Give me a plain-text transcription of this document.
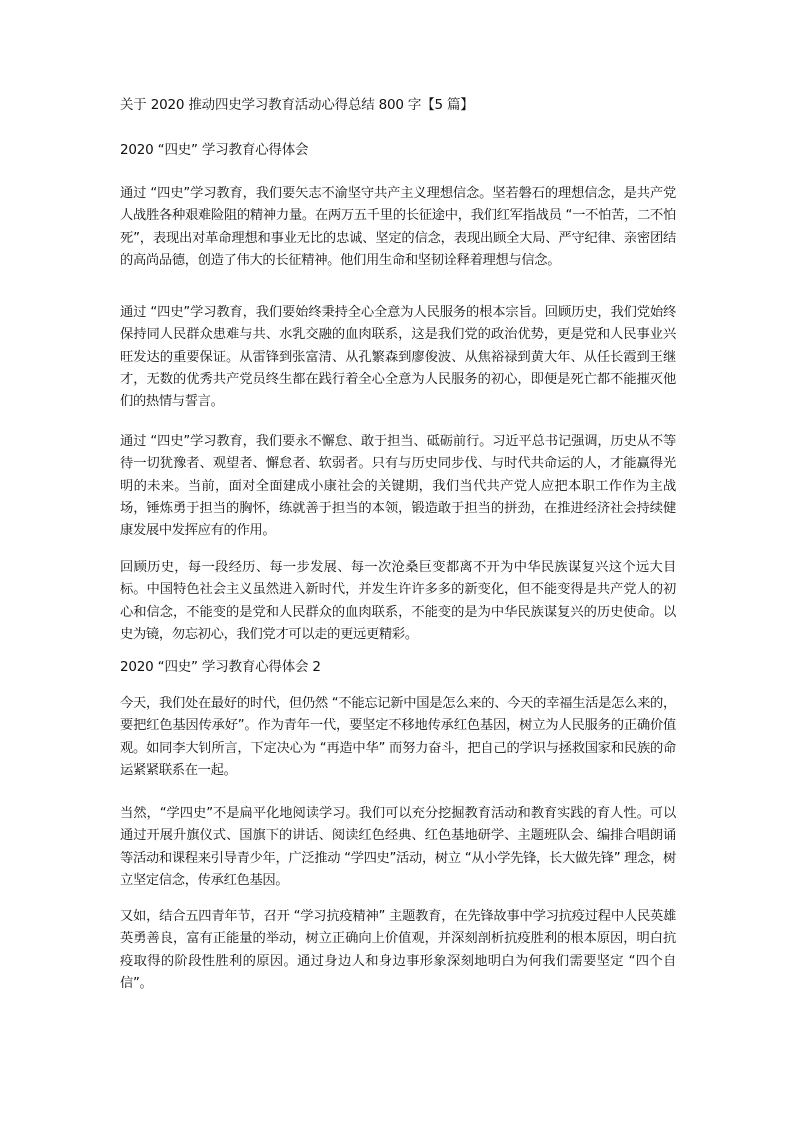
关于 2020 推动四史学习教育活动心得总结 800 字【5 篇】
2020 “四史” 学习教育心得体会
通过 “四史”学习教育，我们要矢志不渝坚守共产主义理想信念。坚若磐石的理想信念，是共产党人战胜各种艰难险阻的精神力量。在两万五千里的长征途中，我们红军指战员 “一不怕苦，二不怕死”，表现出对革命理想和事业无比的忠诚、坚定的信念，表现出顾全大局、严守纪律、亲密团结的高尚品德，创造了伟大的长征精神。他们用生命和坚韧诠释着理想与信念。
通过 “四史”学习教育，我们要始终秉持全心全意为人民服务的根本宗旨。回顾历史，我们党始终保持同人民群众患难与共、水乳交融的血肉联系，这是我们党的政治优势，更是党和人民事业兴旺发达的重要保证。从雷锋到张富清、从孔繁森到廖俊波、从焦裕禄到黄大年、从任长霞到王继才，无数的优秀共产党员终生都在践行着全心全意为人民服务的初心，即便是死亡都不能摧灭他们的热情与誓言。
通过 “四史”学习教育，我们要永不懈怠、敢于担当、砥砺前行。习近平总书记强调，历史从不等待一切犹豫者、观望者、懈怠者、软弱者。只有与历史同步伐、与时代共命运的人，才能赢得光明的未来。当前，面对全面建成小康社会的关键期，我们当代共产党人应把本职工作作为主战场，锤炼勇于担当的胸怀，练就善于担当的本领，锻造敢于担当的拼劲，在推进经济社会持续健康发展中发挥应有的作用。
回顾历史，每一段经历、每一步发展、每一次沧桑巨变都离不开为中华民族谋复兴这个远大目标。中国特色社会主义虽然进入新时代，并发生许许多多的新变化，但不能变得是共产党人的初心和信念，不能变的是党和人民群众的血肉联系，不能变的是为中华民族谋复兴的历史使命。以史为镜，勿忘初心，我们党才可以走的更远更精彩。
2020 “四史” 学习教育心得体会 2
今天，我们处在最好的时代，但仍然 “不能忘记新中国是怎么来的、今天的幸福生活是怎么来的，要把红色基因传承好”。作为青年一代，要坚定不移地传承红色基因，树立为人民服务的正确价值观。如同李大钊所言，下定决心为 “再造中华” 而努力奋斗，把自己的学识与拯救国家和民族的命运紧紧联系在一起。
当然，“学四史”不是扁平化地阅读学习。我们可以充分挖掘教育活动和教育实践的育人性。可以通过开展升旗仪式、国旗下的讲话、阅读红色经典、红色基地研学、主题班队会、编排合唱朗诵等活动和课程来引导青少年，广泛推动 “学四史”活动，树立 “从小学先锋，长大做先锋” 理念，树立坚定信念，传承红色基因。
又如，结合五四青年节，召开 “学习抗疫精神” 主题教育，在先锋故事中学习抗疫过程中人民英雄英勇善良，富有正能量的举动，树立正确向上价值观，并深刻剖析抗疫胜利的根本原因，明白抗疫取得的阶段性胜利的原因。通过身边人和身边事形象深刻地明白为何我们需要坚定 “四个自信”。
